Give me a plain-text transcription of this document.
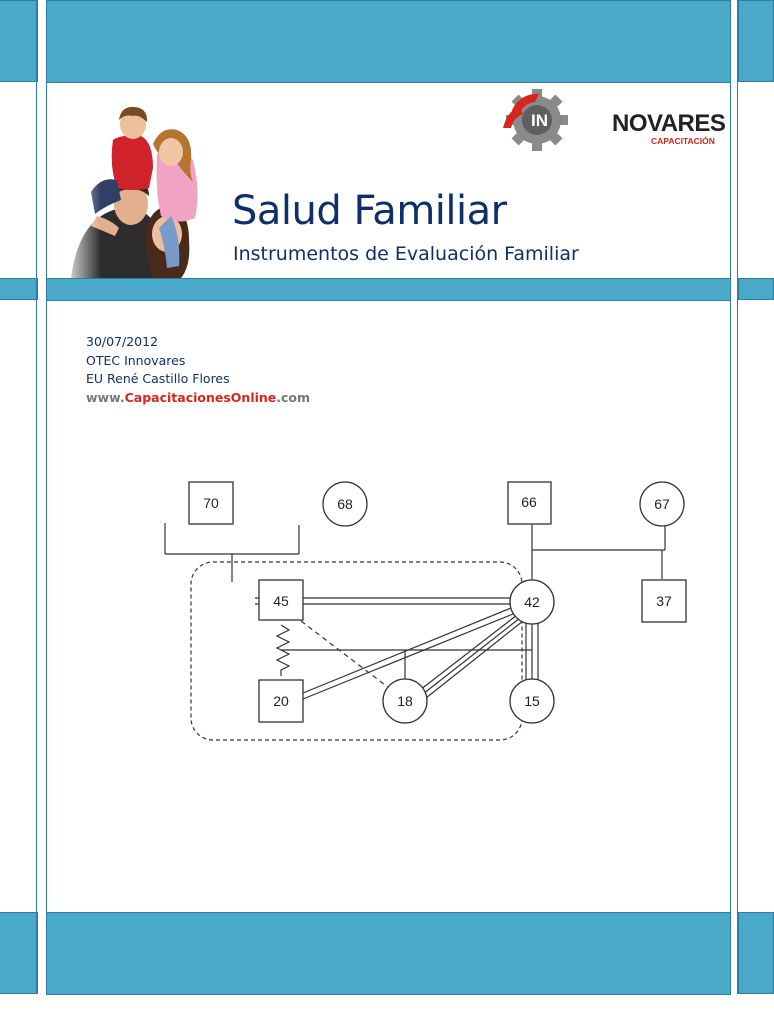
IN	NOVARES
CAPACITACIÓN
Salud Familiar
Instrumentos de Evaluación Familiar
30/07/2012
OTEC Innovares
EU René Castillo Flores
www.CapacitacionesOnline.com
70	68	66	67
45	42	37
20	18	15
